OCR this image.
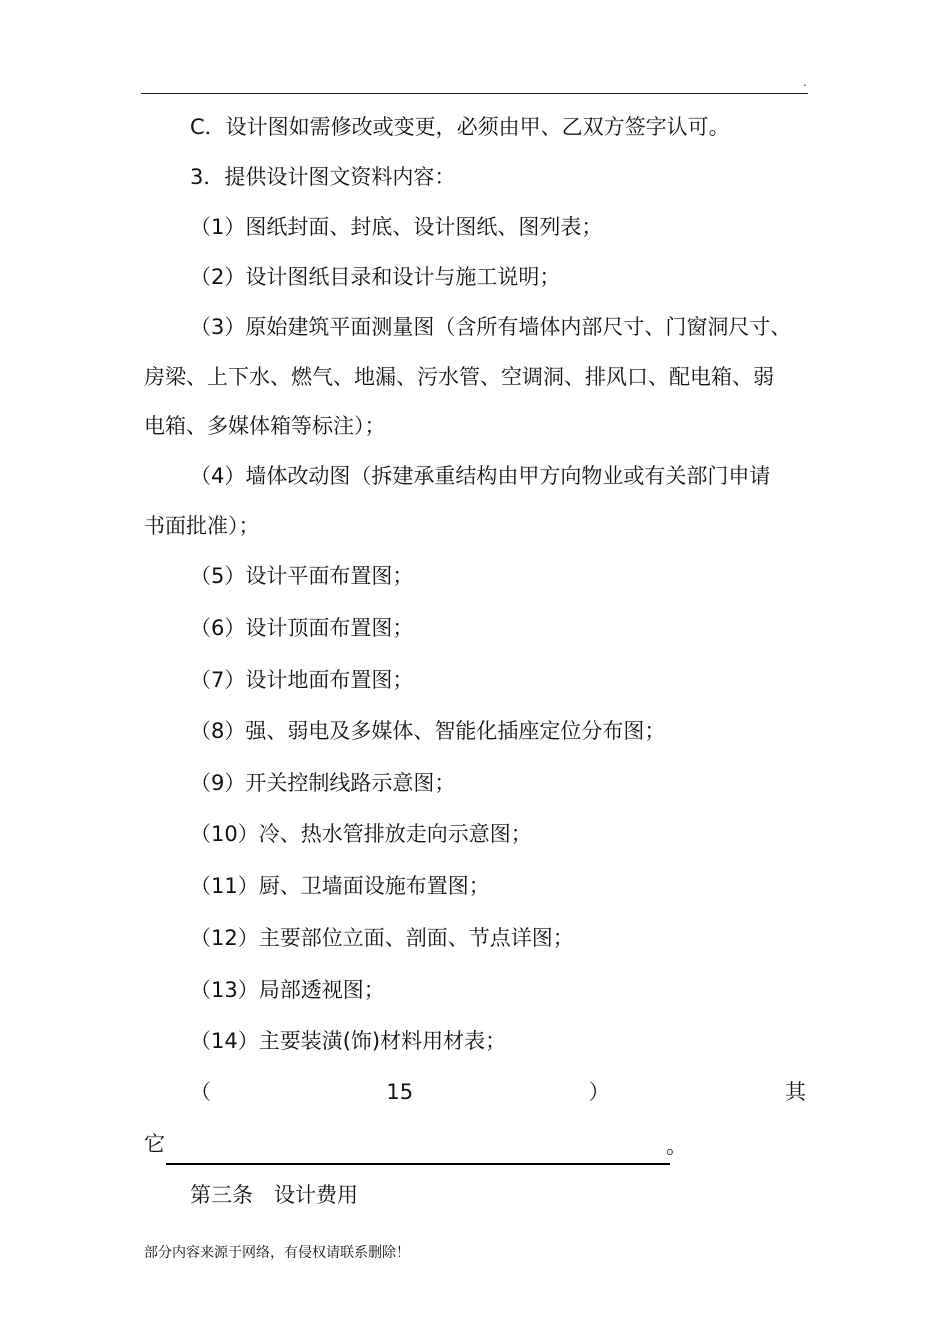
.
C．设计图如需修改或变更，必须由甲、乙双方签字认可。
3．提供设计图文资料内容：
（1）图纸封面、封底、设计图纸、图列表；
（2）设计图纸目录和设计与施工说明；
（3）原始建筑平面测量图（含所有墙体内部尺寸、门窗洞尺寸、
房梁、上下水、燃气、地漏、污水管、空调洞、排风口、配电箱、弱
电箱、多媒体箱等标注）；
（4）墙体改动图（拆建承重结构由甲方向物业或有关部门申请
书面批准）；
（5）设计平面布置图；
（6）设计顶面布置图；
（7）设计地面布置图；
（8）强、弱电及多媒体、智能化插座定位分布图；
（9）开关控制线路示意图；
（10）冷、热水管排放走向示意图；
（11）厨、卫墙面设施布置图；
（12）主要部位立面、剖面、节点详图；
（13）局部透视图；
（14）主要装潢(饰)材料用材表；
（	15	）	其
它	。
第三条　设计费用
部分内容来源于网络，有侵权请联系删除！
